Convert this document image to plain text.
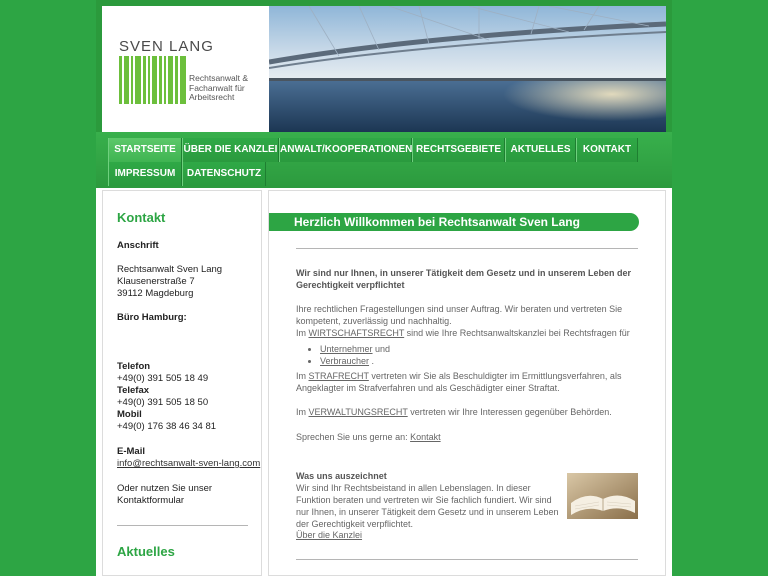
SVEN LANG
Rechtsanwalt &
Fachanwalt für
Arbeitsrecht
STARTSEITE ÜBER DIE KANZLEI ANWALT/KOOPERATIONEN RECHTSGEBIETE AKTUELLES	KONTAKT
IMPRESSUM	DATENSCHUTZ
Kontakt
Anschrift
Rechtsanwalt Sven Lang
Klausenerstraße 7
39112 Magdeburg
Büro Hamburg:
Telefon
+49(0) 391 505 18 49
Telefax
+49(0) 391 505 18 50
Mobil
+49(0) 176 38 46 34 81
E-Mail
info@rechtsanwalt-sven-lang.com
Oder nutzen Sie unser
Kontaktformular
Aktuelles
Herzlich Willkommen bei Rechtsanwalt Sven Lang
Wir sind nur Ihnen, in unserer Tätigkeit dem Gesetz und in unserem Leben der Gerechtigkeit verpflichtet
Ihre rechtlichen Fragestellungen sind unser Auftrag. Wir beraten und vertreten Sie kompetent, zuverlässig und nachhaltig.
Im WIRTSCHAFTSRECHT sind wie Ihre Rechtsanwaltskanzlei bei Rechtsfragen für
• Unternehmer und
• Verbraucher .
Im STRAFRECHT vertreten wir Sie als Beschuldigter im Ermittlungsverfahren, als Angeklagter im Strafverfahren und als Geschädigter einer Straftat.
Im VERWALTUNGSRECHT vertreten wir Ihre Interessen gegenüber Behörden.
Sprechen Sie uns gerne an: Kontakt
Was uns auszeichnet
Wir sind Ihr Rechtsbeistand in allen Lebenslagen. In dieser Funktion beraten und vertreten wir Sie fachlich fundiert. Wir sind nur Ihnen, in unserer Tätigkeit dem Gesetz und in unserem Leben der Gerechtigkeit verpflichtet.
Über die Kanzlei
